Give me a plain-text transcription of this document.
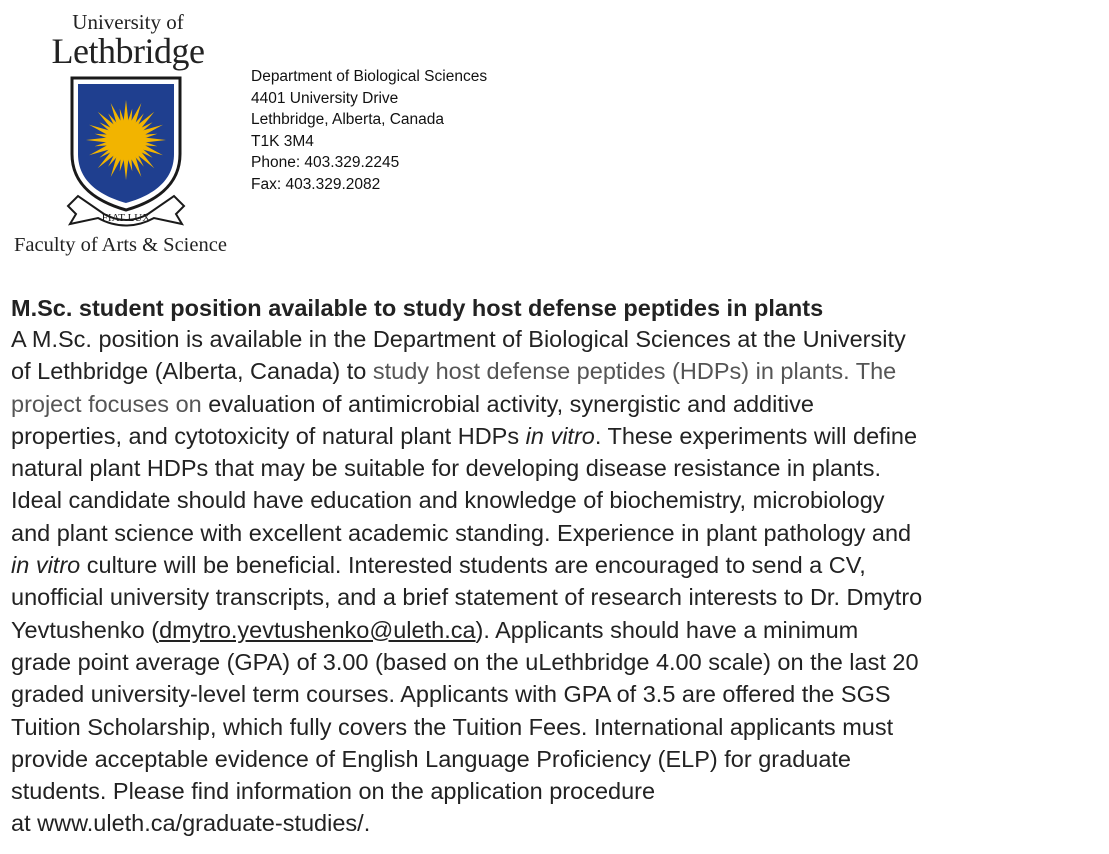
University of
Lethbridge
FIAT LUX
Faculty of Arts & Science
Department of Biological Sciences
4401 University Drive
Lethbridge, Alberta, Canada
T1K 3M4
Phone: 403.329.2245
Fax: 403.329.2082
M.Sc. student position available to study host defense peptides in plants
A M.Sc. position is available in the Department of Biological Sciences at the University
of Lethbridge (Alberta, Canada) to study host defense peptides (HDPs) in plants. The
project focuses on evaluation of antimicrobial activity, synergistic and additive
properties, and cytotoxicity of natural plant HDPs in vitro. These experiments will define
natural plant HDPs that may be suitable for developing disease resistance in plants.
Ideal candidate should have education and knowledge of biochemistry, microbiology
and plant science with excellent academic standing. Experience in plant pathology and
in vitro culture will be beneficial. Interested students are encouraged to send a CV,
unofficial university transcripts, and a brief statement of research interests to Dr. Dmytro
Yevtushenko (dmytro.yevtushenko@uleth.ca). Applicants should have a minimum
grade point average (GPA) of 3.00 (based on the uLethbridge 4.00 scale) on the last 20
graded university-level term courses. Applicants with GPA of 3.5 are offered the SGS
Tuition Scholarship, which fully covers the Tuition Fees. International applicants must
provide acceptable evidence of English Language Proficiency (ELP) for graduate
students. Please find information on the application procedure
at www.uleth.ca/graduate-studies/.
